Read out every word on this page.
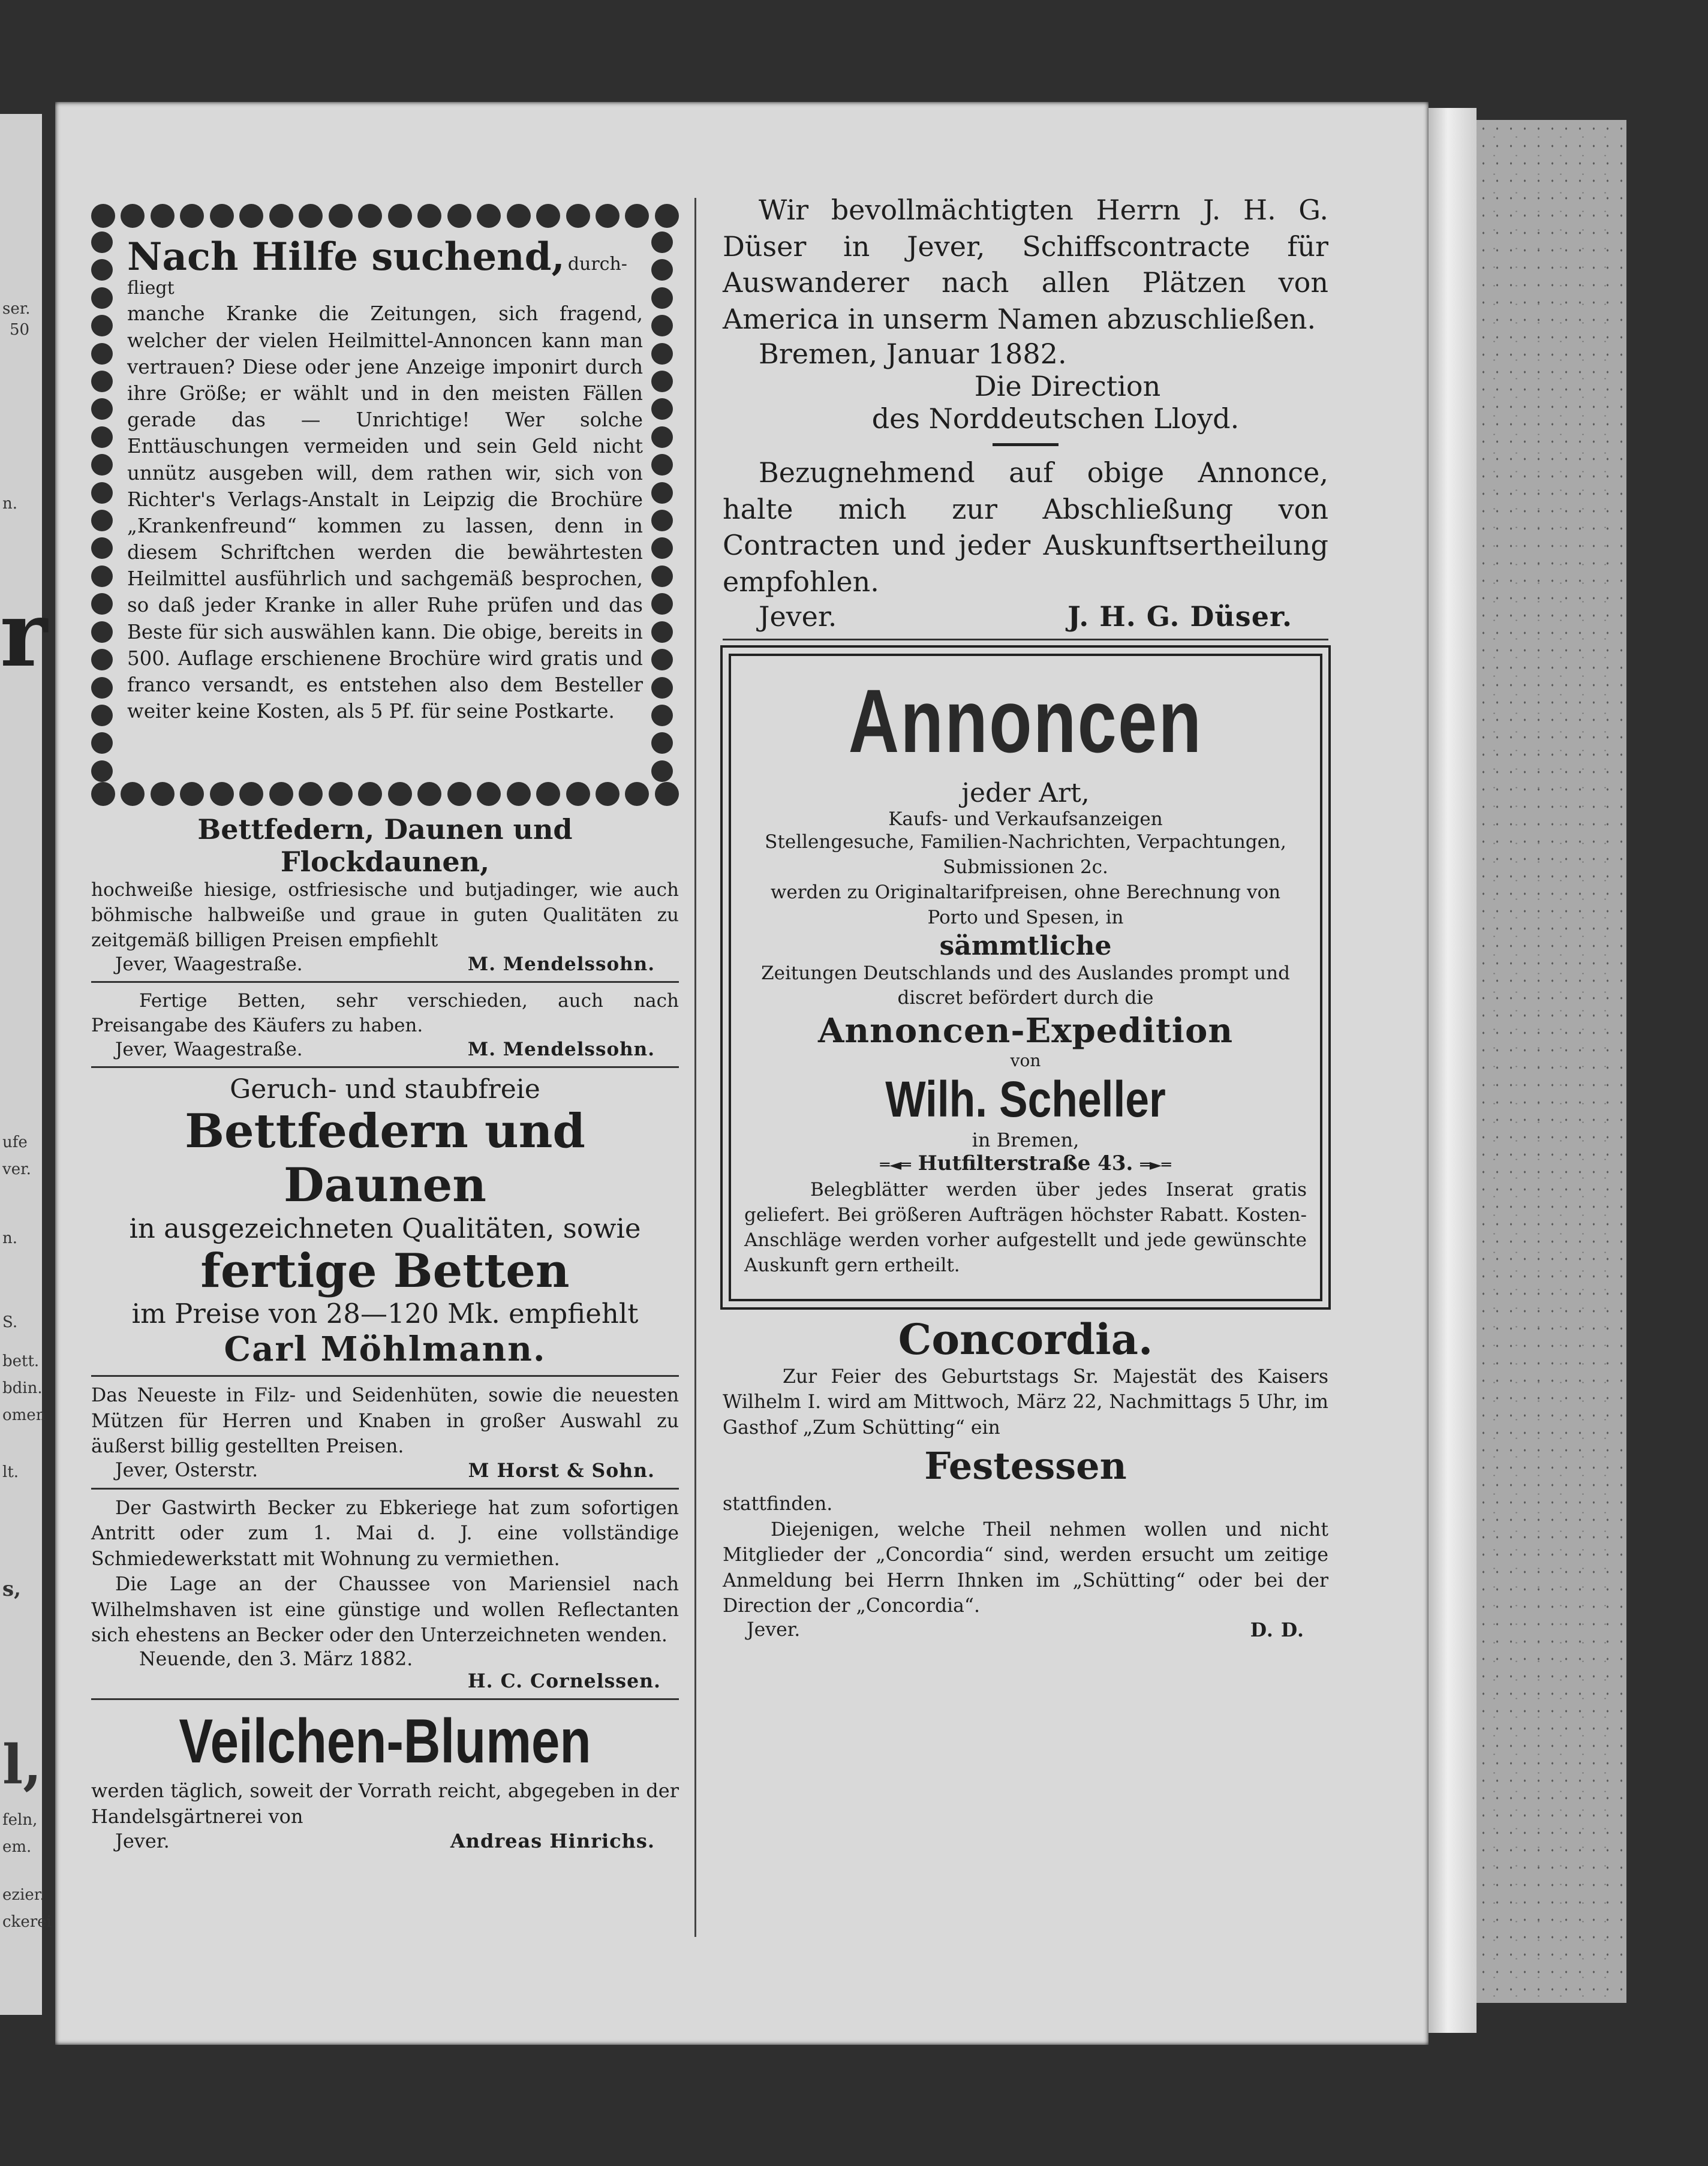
ser.
50
n.
r
ufe
ver.
n.
S.
bett.
bdin.
omen
lt.
s,
l,
feln,
em.
ezier.
ckerei
Nach Hilfe suchend, durch-fliegt

manche Kranke die Zeitungen, sich fragend, welcher der vielen Heilmittel-Annoncen kann man vertrauen? Diese oder jene Anzeige imponirt durch ihre Größe; er wählt und in den meisten Fällen gerade das — Unrichtige! Wer solche Enttäuschungen vermeiden und sein Geld nicht unnütz ausgeben will, dem rathen wir, sich von Richter's Verlags-Anstalt in Leipzig die Brochüre „Krankenfreund“ kommen zu lassen, denn in diesem Schriftchen werden die bewährtesten Heilmittel ausführlich und sachgemäß besprochen, so daß jeder Kranke in aller Ruhe prüfen und das Beste für sich auswählen kann. Die obige, bereits in 500. Auflage erschienene Brochüre wird gratis und franco versandt, es entstehen also dem Besteller weiter keine Kosten, als 5 Pf. für seine Postkarte.

Bettfedern, Daunen und Flockdaunen,

hochweiße hiesige, ostfriesische und butjadinger, wie auch böhmische halbweiße und graue in guten Qualitäten zu zeitgemäß billigen Preisen empfiehlt

Jever, Waagestraße.	M. Mendelssohn.

Fertige Betten, sehr verschieden, auch nach Preisangabe des Käufers zu haben.

Jever, Waagestraße.	M. Mendelssohn.
Geruch- und staubfreie
Bettfedern und Daunen
in ausgezeichneten Qualitäten, sowie
fertige Betten
im Preise von 28—120 Mk. empfiehlt
Carl Möhlmann.

Das Neueste in Filz- und Seidenhüten, sowie die neuesten Mützen für Herren und Knaben in großer Auswahl zu äußerst billig gestellten Preisen.

Jever, Osterstr.	M Horst & Sohn.

Der Gastwirth Becker zu Ebkeriege hat zum sofortigen Antritt oder zum 1. Mai d. J. eine vollständige Schmiedewerkstatt mit Wohnung zu vermiethen.

Die Lage an der Chaussee von Mariensiel nach Wilhelmshaven ist eine günstige und wollen Reflectanten sich ehestens an Becker oder den Unterzeichneten wenden.

Neuende, den 3. März 1882.
H. C. Cornelssen.
Veilchen-Blumen

werden täglich, soweit der Vorrath reicht, abgegeben in der Handelsgärtnerei von

Jever.	Andreas Hinrichs.

Wir bevollmächtigten Herrn J. H. G. Düser in Jever, Schiffscontracte für Auswanderer nach allen Plätzen von America in unserm Namen abzuschließen.

Bremen, Januar 1882.
Die Direction
des Norddeutschen Lloyd.

Bezugnehmend auf obige Annonce, halte mich zur Abschließung von Contracten und jeder Auskunftsertheilung empfohlen.

Jever.	J. H. G. Düser.
Annoncen
jeder Art,
Kaufs- und Verkaufsanzeigen

Stellengesuche, Familien-Nachrichten, Verpachtungen, Submissionen 2c.

werden zu Originaltarifpreisen, ohne Berechnung von Porto und Spesen, in

sämmtliche

Zeitungen Deutschlands und des Auslandes prompt und discret befördert durch die

Annoncen-Expedition
von
Wilh. Scheller
in Bremen,
═◄═ Hutfilterstraße 43. ═►═

Belegblätter werden über jedes Inserat gratis geliefert. Bei größeren Aufträgen höchster Rabatt. Kosten-Anschläge werden vorher aufgestellt und jede gewünschte Auskunft gern ertheilt.

Concordia.

Zur Feier des Geburtstags Sr. Majestät des Kaisers Wilhelm I. wird am Mittwoch, März 22, Nachmittags 5 Uhr, im Gasthof „Zum Schütting“ ein

Festessen

stattfinden.

Diejenigen, welche Theil nehmen wollen und nicht Mitglieder der „Concordia“ sind, werden ersucht um zeitige Anmeldung bei Herrn Ihnken im „Schütting“ oder bei der Direction der „Concordia“.

Jever.	D. D.
